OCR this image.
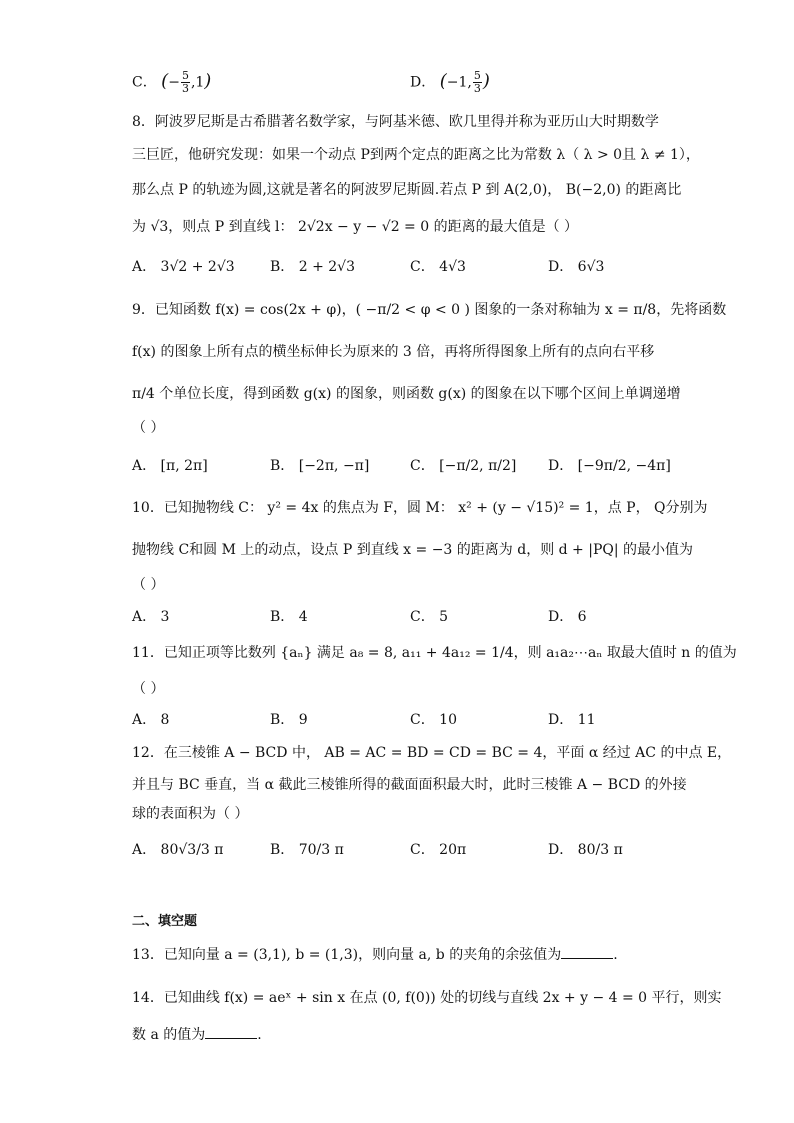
C． (− $\frac{5}{3} ,1$)	D． (−1, $\frac{5}{3}$ )
8．阿波罗尼斯是古希腊著名数学家，与阿基米德、欧几里得并称为亚历山大时期数学
三巨匠，他研究发现：如果一个动点 P到两个定点的距离之比为常数 λ（ λ > 0且 λ ≠ 1），
那么点 P 的轨迹为圆,这就是著名的阿波罗尼斯圆.若点 P 到 A(2,0)， B(−2,0) 的距离比
为 √3，则点 P 到直线 l： 2√2x − y − √2 = 0 的距离的最大值是（ ）
A． 3√2 + 2√3	B． 2 + 2√3	C． 4√3	D． 6√3
9．已知函数 f(x) = cos(2x + φ)，( −π/2 < φ < 0 ) 图象的一条对称轴为 x = π/8，先将函数
f(x) 的图象上所有点的横坐标伸长为原来的 3 倍，再将所得图象上所有的点向右平移
π/4 个单位长度，得到函数 g(x) 的图象，则函数 g(x) 的图象在以下哪个区间上单调递增
（ ）
A． [π, 2π]	B． [−2π, −π]	C． [−π/2, π/2] D． [−9π/2, −4π]
10．已知抛物线 C： y² = 4x 的焦点为 F，圆 M： x² + (y − √15)² = 1，点 P， Q分别为
抛物线 C和圆 M 上的动点，设点 P 到直线 x = −3 的距离为 d，则 d + |PQ| 的最小值为
（ ）
A． 3	B． 4	C． 5	D． 6
11．已知正项等比数列 {aₙ} 满足 a₈ = 8, a₁₁ + 4a₁₂ = 1/4，则 a₁a₂⋯aₙ 取最大值时 n 的值为
（ ）
A． 8	B． 9	C． 10	D． 11
12．在三棱锥 A − BCD 中， AB = AC = BD = CD = BC = 4，平面 α 经过 AC 的中点 E，
并且与 BC 垂直，当 α 截此三棱锥所得的截面面积最大时，此时三棱锥 A − BCD 的外接
球的表面积为（ ）
A． 80√3/3 π	B． 70/3 π	C． 20π	D． 80/3 π
二、填空题
13．已知向量 a = (3,1), b = (1,3)，则向量 a, b 的夹角的余弦值为	.
14．已知曲线 f(x) = aeˣ + sin x 在点 (0, f(0)) 处的切线与直线 2x + y − 4 = 0 平行，则实
数 a 的值为	.
